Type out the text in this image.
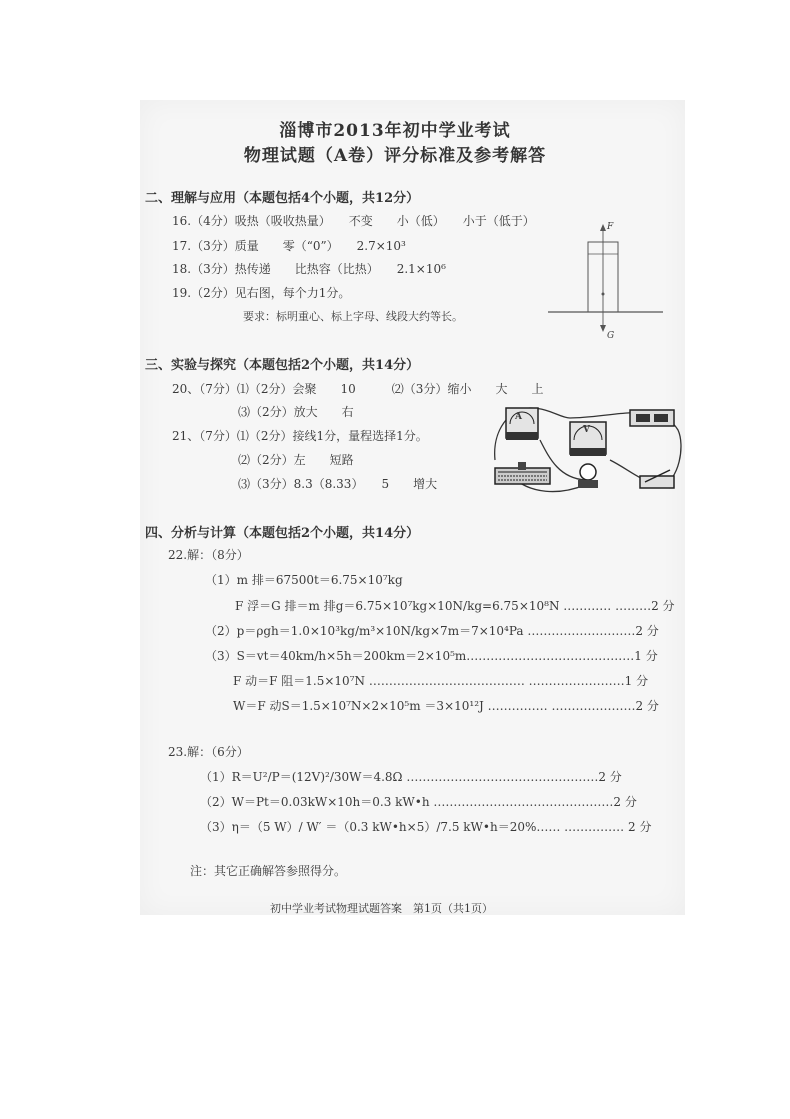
淄博市2013年初中学业考试
物理试题（A卷）评分标准及参考解答
二、理解与应用（本题包括4个小题，共12分）
16.（4分）吸热（吸收热量）　　不变　　小（低）　　小于（低于）
17.（3分）质量　　零（“0”）　　2.7×10³
18.（3分）热传递　　比热容（比热）　　2.1×10⁶
19.（2分）见右图，每个力1分。
要求：标明重心、标上字母、线段大约等长。
F
G
三、实验与探究（本题包括2个小题，共14分）
20、（7分）⑴（2分）会聚　　10　　　⑵（3分）缩小　　大　　上
⑶（2分）放大　　右
21、（7分）⑴（2分）接线1分，量程选择1分。
⑵（2分）左　　短路
⑶（3分）8.3（8.33）　　5　　增大
A
V
四、分析与计算（本题包括2个小题，共14分）
22.解：（8分）
（1）m 排＝67500t＝6.75×10⁷kg
F 浮＝G 排＝m 排g＝6.75×10⁷kg×10N/kg=6.75×10⁸N ………… ………2 分
（2）p＝ρgh＝1.0×10³kg/m³×10N/kg×7m＝7×10⁴Pa ………………………2 分
（3）S＝vt＝40km/h×5h＝200km＝2×10⁵m……………………………………1 分
F 动＝F 阻＝1.5×10⁷N ………………………………… ……………………1 分
W＝F 动S＝1.5×10⁷N×2×10⁵m ＝3×10¹²J …………… …………………2 分
23.解：（6分）
（1）R＝U²/P＝(12V)²/30W＝4.8Ω …………………………………………2 分
（2）W＝Pt＝0.03kW×10h＝0.3 kW•h ………………………………………2 分
（3）η＝（5 W）/ W′ ＝（0.3 kW•h×5）/7.5 kW•h＝20%…… …………… 2 分
注：其它正确解答参照得分。
初中学业考试物理试题答案　第1页（共1页）
